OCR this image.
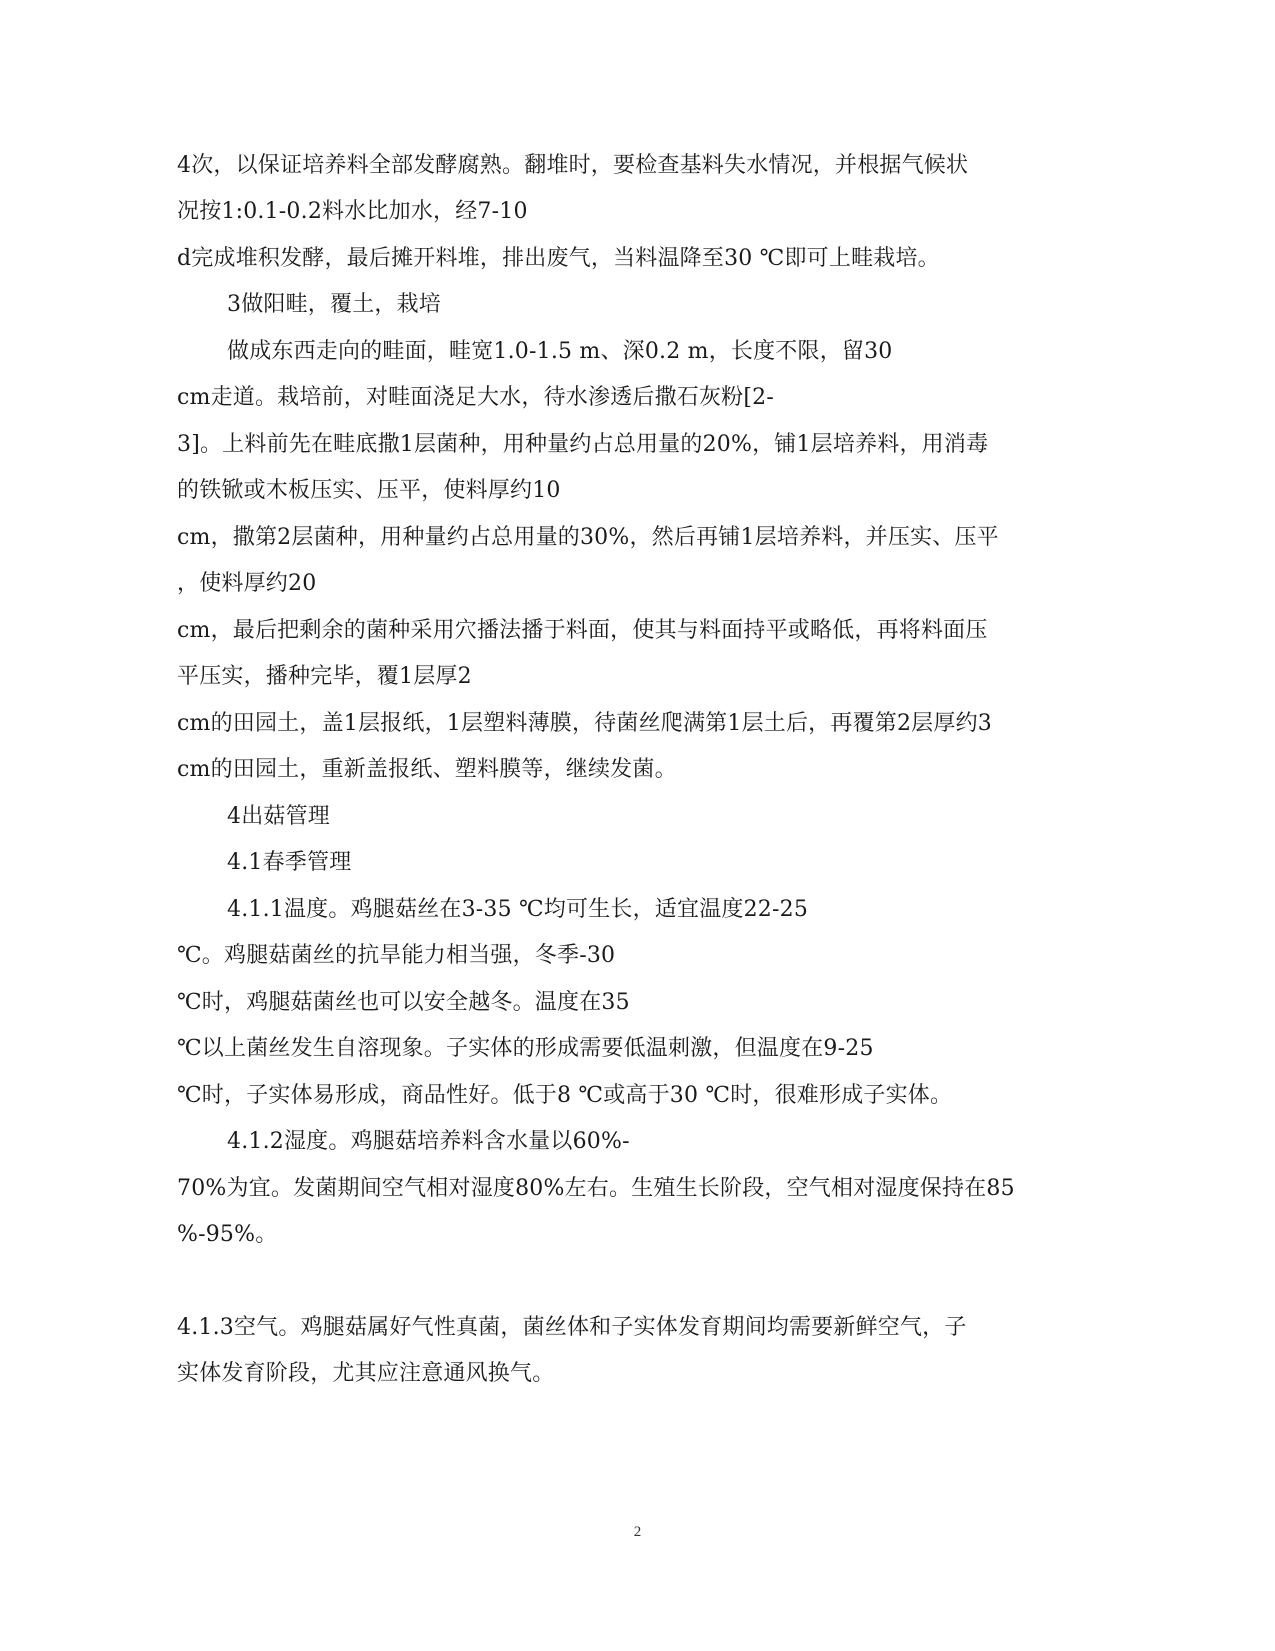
4次，以保证培养料全部发酵腐熟。翻堆时，要检查基料失水情况，并根据气候状
况按1:0.1-0.2料水比加水，经7-10
d完成堆积发酵，最后摊开料堆，排出废气，当料温降至30 ℃即可上畦栽培。
3做阳畦，覆土，栽培
做成东西走向的畦面，畦宽1.0-1.5 m、深0.2 m，长度不限，留30
cm走道。栽培前，对畦面浇足大水，待水渗透后撒石灰粉[2-
3]。上料前先在畦底撒1层菌种，用种量约占总用量的20%，铺1层培养料，用消毒
的铁锨或木板压实、压平，使料厚约10
cm，撒第2层菌种，用种量约占总用量的30%，然后再铺1层培养料，并压实、压平
，使料厚约20
cm，最后把剩余的菌种采用穴播法播于料面，使其与料面持平或略低，再将料面压
平压实，播种完毕，覆1层厚2
cm的田园土，盖1层报纸，1层塑料薄膜，待菌丝爬满第1层土后，再覆第2层厚约3
cm的田园土，重新盖报纸、塑料膜等，继续发菌。
4出菇管理
4.1春季管理
4.1.1温度。鸡腿菇丝在3-35 ℃均可生长，适宜温度22-25
℃。鸡腿菇菌丝的抗旱能力相当强，冬季-30
℃时，鸡腿菇菌丝也可以安全越冬。温度在35
℃以上菌丝发生自溶现象。子实体的形成需要低温刺激，但温度在9-25
℃时，子实体易形成，商品性好。低于8 ℃或高于30 ℃时，很难形成子实体。
4.1.2湿度。鸡腿菇培养料含水量以60%-
70%为宜。发菌期间空气相对湿度80%左右。生殖生长阶段，空气相对湿度保持在85
%-95%。
4.1.3空气。鸡腿菇属好气性真菌，菌丝体和子实体发育期间均需要新鲜空气，子
实体发育阶段，尤其应注意通风换气。
2
